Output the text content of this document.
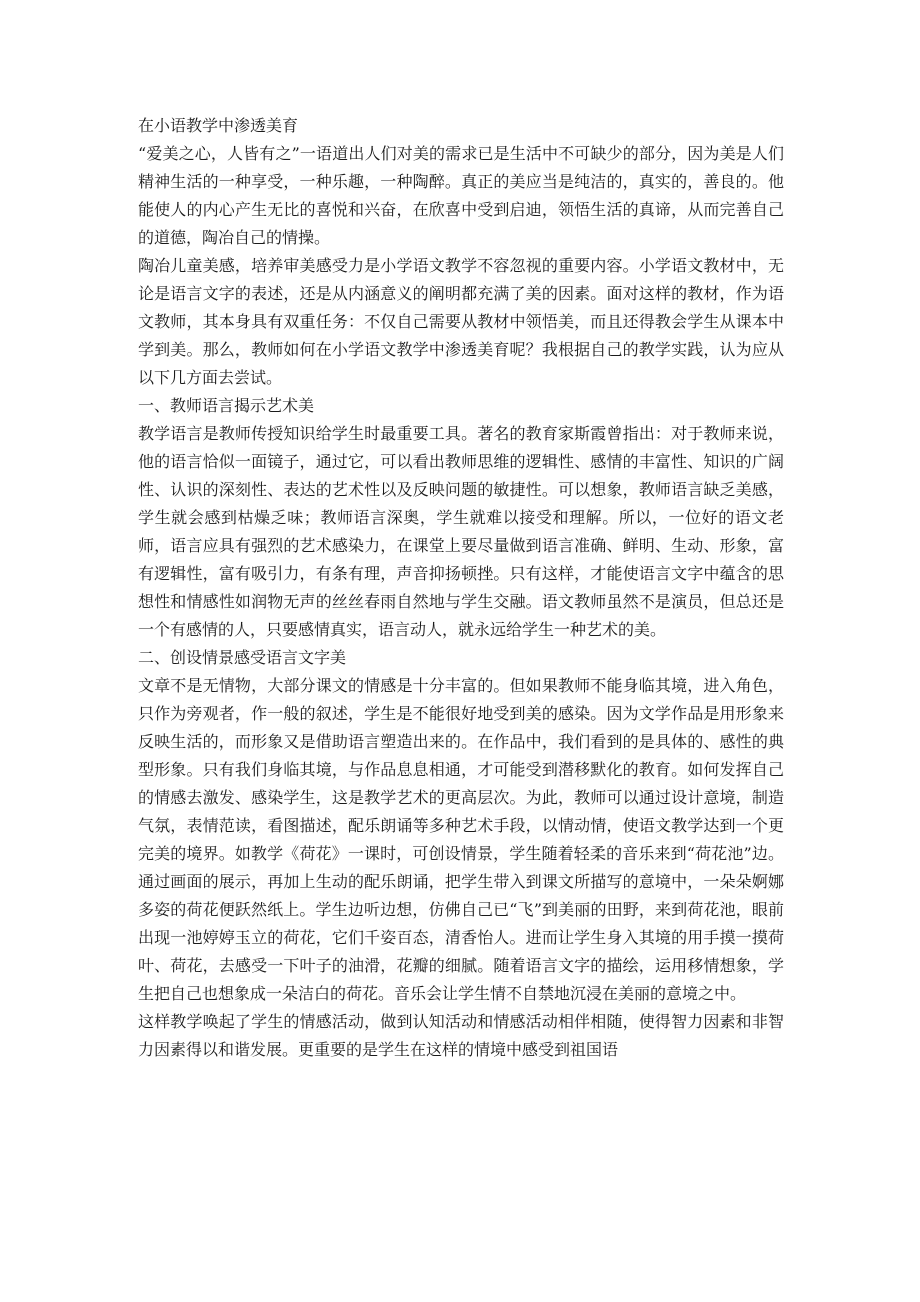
在小语教学中渗透美育

“爱美之心，人皆有之”一语道出人们对美的需求已是生活中不可缺少的部分，因为美是人们精神生活的一种享受，一种乐趣，一种陶醉。真正的美应当是纯洁的，真实的，善良的。他能使人的内心产生无比的喜悦和兴奋，在欣喜中受到启迪，领悟生活的真谛，从而完善自己的道德，陶冶自己的情操。

陶冶儿童美感，培养审美感受力是小学语文教学不容忽视的重要内容。小学语文教材中，无论是语言文字的表述，还是从内涵意义的阐明都充满了美的因素。面对这样的教材，作为语文教师，其本身具有双重任务：不仅自己需要从教材中领悟美，而且还得教会学生从课本中学到美。那么，教师如何在小学语文教学中渗透美育呢？我根据自己的教学实践，认为应从以下几方面去尝试。

一、教师语言揭示艺术美

教学语言是教师传授知识给学生时最重要工具。著名的教育家斯霞曾指出：对于教师来说，他的语言恰似一面镜子，通过它，可以看出教师思维的逻辑性、感情的丰富性、知识的广阔性、认识的深刻性、表达的艺术性以及反映问题的敏捷性。可以想象，教师语言缺乏美感，学生就会感到枯燥乏味；教师语言深奥，学生就难以接受和理解。所以，一位好的语文老师，语言应具有强烈的艺术感染力，在课堂上要尽量做到语言准确、鲜明、生动、形象，富有逻辑性，富有吸引力，有条有理，声音抑扬顿挫。只有这样，才能使语言文字中蕴含的思想性和情感性如润物无声的丝丝春雨自然地与学生交融。语文教师虽然不是演员，但总还是一个有感情的人，只要感情真实，语言动人，就永远给学生一种艺术的美。

二、创设情景感受语言文字美

文章不是无情物，大部分课文的情感是十分丰富的。但如果教师不能身临其境，进入角色，只作为旁观者，作一般的叙述，学生是不能很好地受到美的感染。因为文学作品是用形象来反映生活的，而形象又是借助语言塑造出来的。在作品中，我们看到的是具体的、感性的典型形象。只有我们身临其境，与作品息息相通，才可能受到潜移默化的教育。如何发挥自己的情感去激发、感染学生，这是教学艺术的更高层次。为此，教师可以通过设计意境，制造气氛，表情范读，看图描述，配乐朗诵等多种艺术手段，以情动情，使语文教学达到一个更完美的境界。如教学《荷花》一课时，可创设情景，学生随着轻柔的音乐来到“荷花池”边。通过画面的展示，再加上生动的配乐朗诵，把学生带入到课文所描写的意境中，一朵朵婀娜多姿的荷花便跃然纸上。学生边听边想，仿佛自己已“飞”到美丽的田野，来到荷花池，眼前出现一池婷婷玉立的荷花，它们千姿百态，清香怡人。进而让学生身入其境的用手摸一摸荷叶、荷花，去感受一下叶子的油滑，花瓣的细腻。随着语言文字的描绘，运用移情想象，学生把自己也想象成一朵洁白的荷花。音乐会让学生情不自禁地沉浸在美丽的意境之中。

这样教学唤起了学生的情感活动，做到认知活动和情感活动相伴相随，使得智力因素和非智力因素得以和谐发展。更重要的是学生在这样的情境中感受到祖国语
